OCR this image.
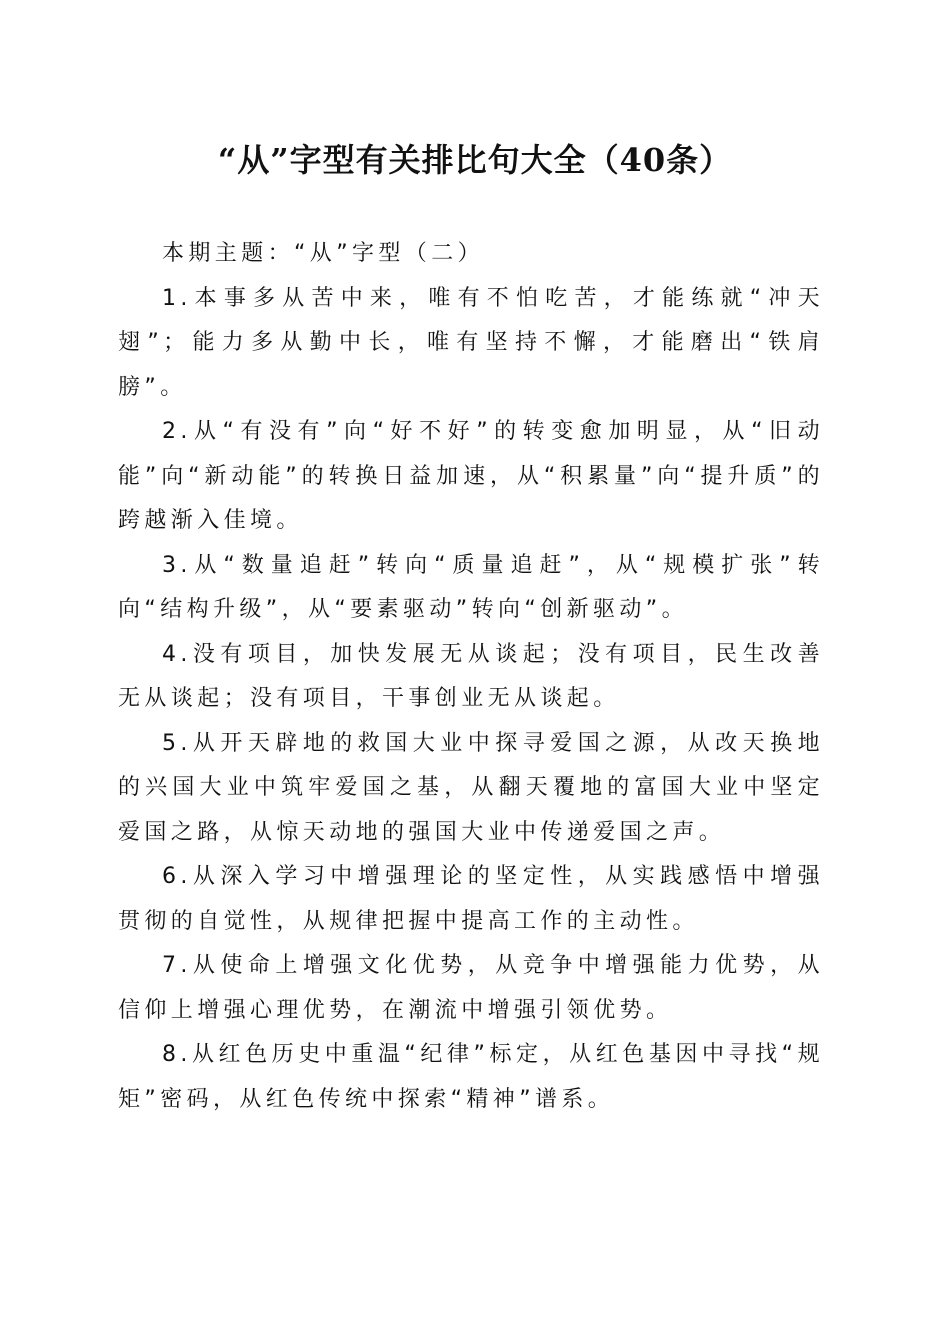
“从”字型有关排比句大全（40条）

本期主题：“从”字型（二）

1.本事多从苦中来，唯有不怕吃苦，才能练就“冲天翅”；能力多从勤中长，唯有坚持不懈，才能磨出“铁肩膀”。

2.从“有没有”向“好不好”的转变愈加明显，从“旧动能”向“新动能”的转换日益加速，从“积累量”向“提升质”的跨越渐入佳境。

3.从“数量追赶”转向“质量追赶”，从“规模扩张”转向“结构升级”，从“要素驱动”转向“创新驱动”。

4.没有项目，加快发展无从谈起；没有项目，民生改善无从谈起；没有项目，干事创业无从谈起。

5.从开天辟地的救国大业中探寻爱国之源，从改天换地的兴国大业中筑牢爱国之基，从翻天覆地的富国大业中坚定爱国之路，从惊天动地的强国大业中传递爱国之声。

6.从深入学习中增强理论的坚定性，从实践感悟中增强贯彻的自觉性，从规律把握中提高工作的主动性。

7.从使命上增强文化优势，从竞争中增强能力优势，从信仰上增强心理优势，在潮流中增强引领优势。

8.从红色历史中重温“纪律”标定，从红色基因中寻找“规矩”密码，从红色传统中探索“精神”谱系。
